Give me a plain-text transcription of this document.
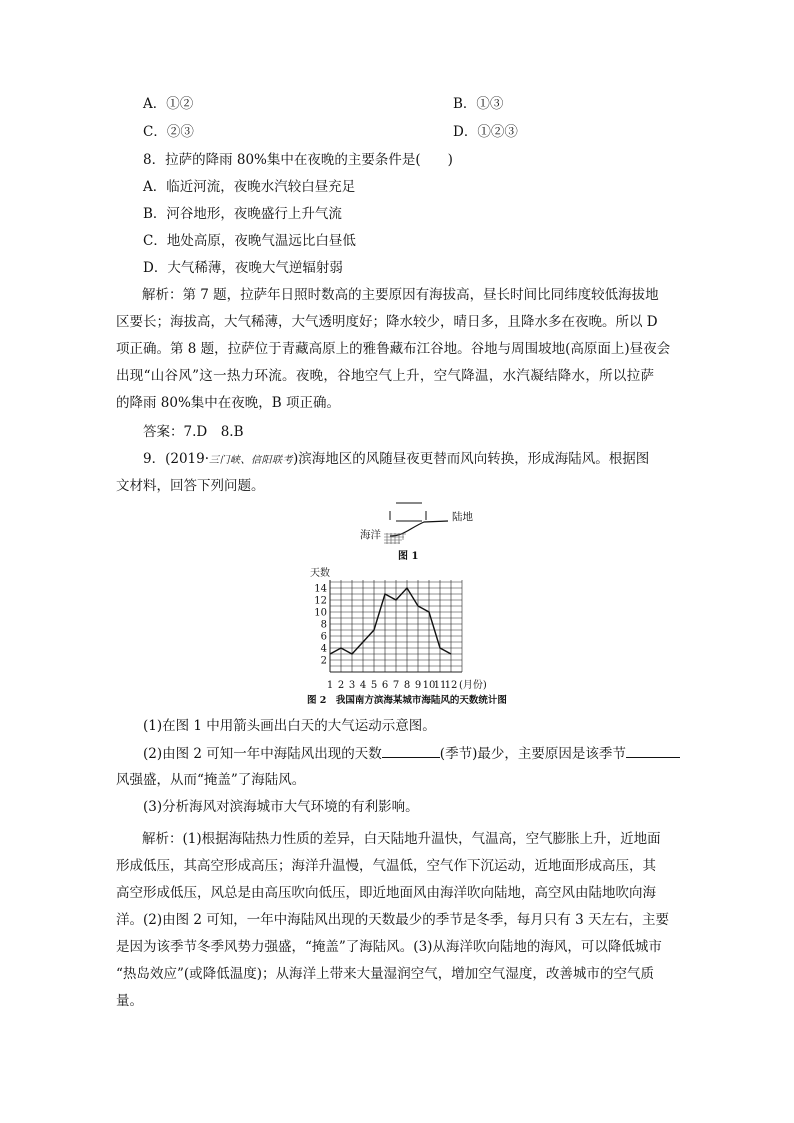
A．①②	B．①③
C．②③	D．①②③
8．拉萨的降雨 80%集中在夜晚的主要条件是(　　)
A．临近河流，夜晚水汽较白昼充足
B．河谷地形，夜晚盛行上升气流
C．地处高原，夜晚气温远比白昼低
D．大气稀薄，夜晚大气逆辐射弱
解析：第 7 题，拉萨年日照时数高的主要原因有海拔高，昼长时间比同纬度较低海拔地
区要长；海拔高，大气稀薄，大气透明度好；降水较少，晴日多，且降水多在夜晚。所以 D
项正确。第 8 题，拉萨位于青藏高原上的雅鲁藏布江谷地。谷地与周围坡地(高原面上)昼夜会
出现“山谷风”这一热力环流。夜晚，谷地空气上升，空气降温，水汽凝结降水，所以拉萨
的降雨 80%集中在夜晚，B 项正确。
答案：7.D　8.B
9．(2019·三门峡、信阳联考)滨海地区的风随昼夜更替而风向转换，形成海陆风。根据图
文材料，回答下列问题。
陆地
海洋
图 1
2
4
6
8
10
12
14
1 2 3 4 5 6 7 8 9 10
11
12
天数
(月份)
图 2　我国南方滨海某城市海陆风的天数统计图
(1)在图 1 中用箭头画出白天的大气运动示意图。
(2)由图 2 可知一年中海陆风出现的天数	(季节)最少，主要原因是该季节
风强盛，从而“掩盖”了海陆风。
(3)分析海风对滨海城市大气环境的有利影响。
解析：(1)根据海陆热力性质的差异，白天陆地升温快，气温高，空气膨胀上升，近地面
形成低压，其高空形成高压；海洋升温慢，气温低，空气作下沉运动，近地面形成高压，其
高空形成低压，风总是由高压吹向低压，即近地面风由海洋吹向陆地，高空风由陆地吹向海
洋。(2)由图 2 可知，一年中海陆风出现的天数最少的季节是冬季，每月只有 3 天左右，主要
是因为该季节冬季风势力强盛，“掩盖”了海陆风。(3)从海洋吹向陆地的海风，可以降低城市
“热岛效应”(或降低温度)；从海洋上带来大量湿润空气，增加空气湿度，改善城市的空气质
量。
